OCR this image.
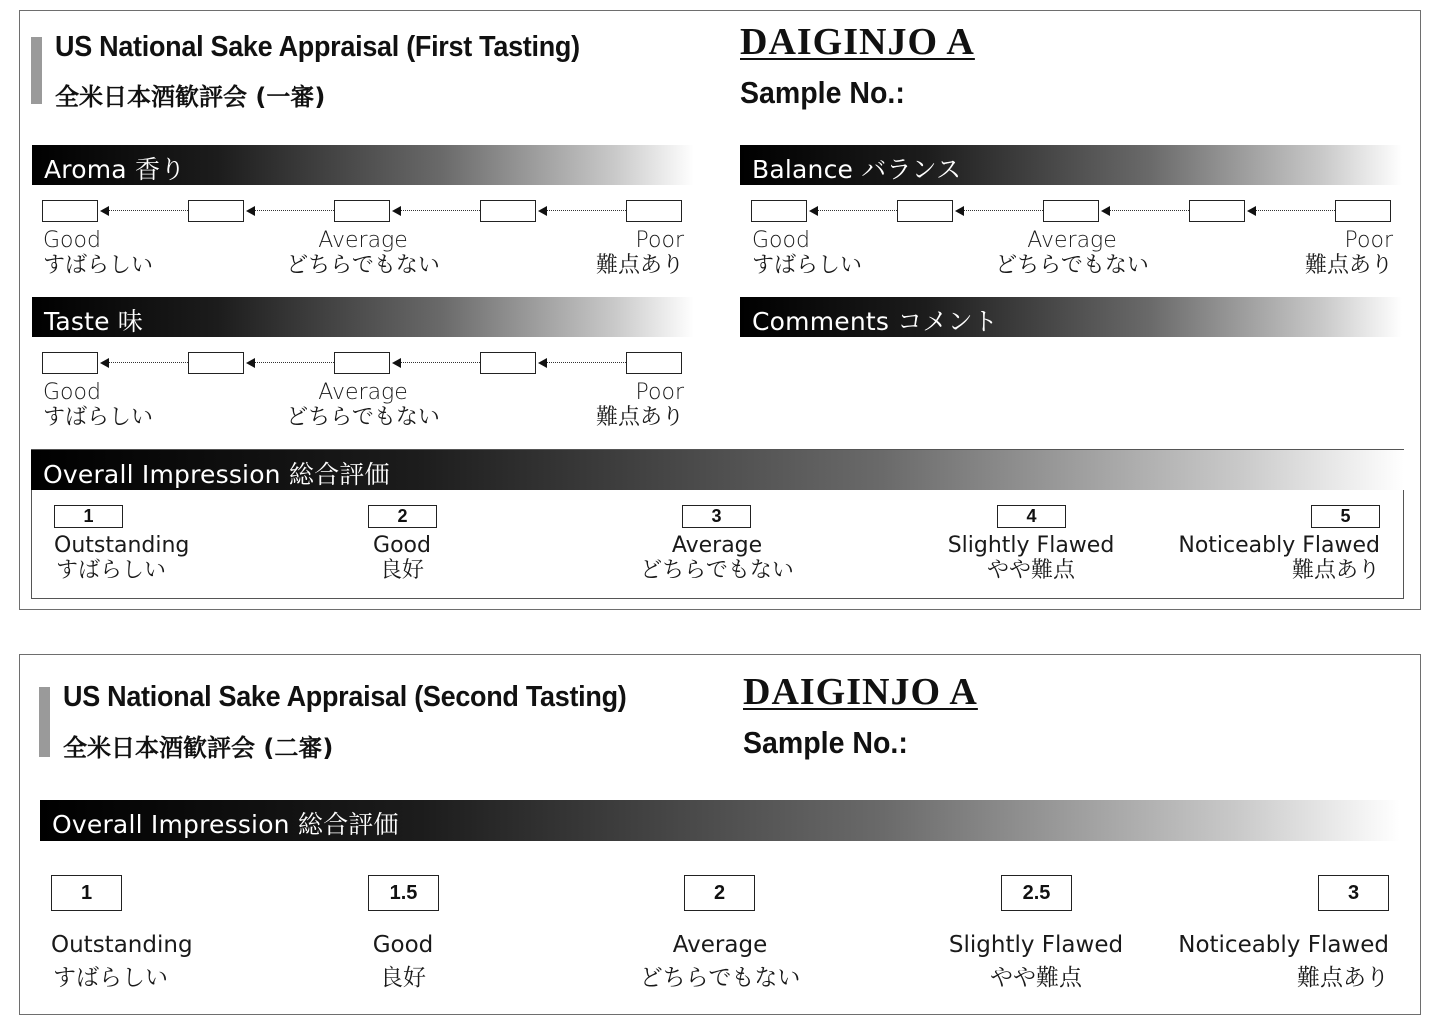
US National Sake Appraisal (First Tasting)
全米日本酒歓評会 (一審)
DAIGINJO A
Sample No.:
Aroma 香り
Good
すばらしい
Average
どちらでもない
Poor
難点あり
Balance バランス
Good
すばらしい
Average
どちらでもない
Poor
難点あり
Taste 味
Good
すばらしい
Average
どちらでもない
Poor
難点あり
Comments コメント
Overall Impression 総合評価
1
Outstanding
すばらしい
2
Good
良好
3
Average
どちらでもない
4
Slightly Flawed
やや難点
5
Noticeably Flawed
難点あり
US National Sake Appraisal (Second Tasting)
全米日本酒歓評会 (二審)
DAIGINJO A
Sample No.:
Overall Impression 総合評価
1
Outstanding
すばらしい
1.5
Good
良好
2
Average
どちらでもない
2.5
Slightly Flawed
やや難点
3
Noticeably Flawed
難点あり
